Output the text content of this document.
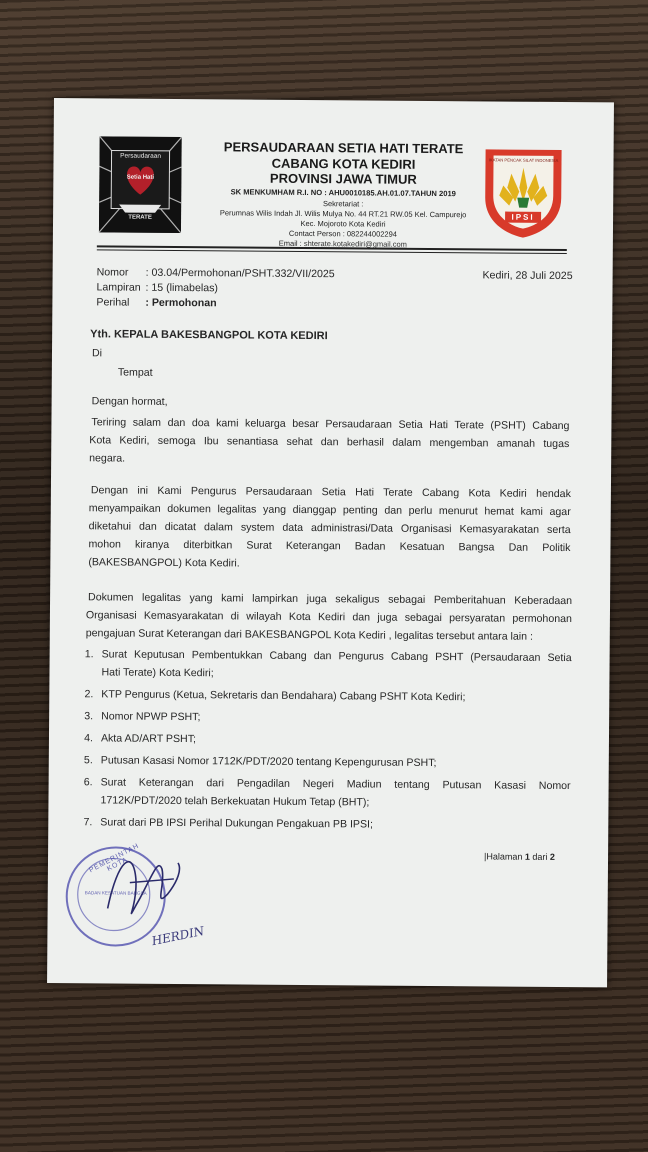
Persaudaraan
Setia Hati
TERATE
PERSAUDARAAN SETIA HATI TERATE
CABANG KOTA KEDIRI
PROVINSI JAWA TIMUR
SK MENKUMHAM R.I. NO : AHU0010185.AH.01.07.TAHUN 2019
Sekretariat :
Perumnas Wilis Indah Jl. Wilis Mulya No. 44 RT.21 RW.05 Kel. Campurejo
Kec. Mojoroto Kota Kediri
Contact Person : 082244002294
Email : shterate.kotakediri@gmail.com
IKATAN PENCAK SILAT INDONESIA
IPSI
Nomor : 03.04/Permohonan/PSHT.332/VII/2025	Kediri, 28 Juli 2025
Lampiran : 15 (limabelas)
Perihal : Permohonan
Yth. KEPALA BAKESBANGPOL KOTA KEDIRI
Di
Tempat
Dengan hormat,
Teriring salam dan doa kami keluarga besar Persaudaraan Setia Hati Terate (PSHT) Cabang
Kota Kediri, semoga Ibu senantiasa sehat dan berhasil dalam mengemban amanah tugas
negara.
Dengan ini Kami Pengurus Persaudaraan Setia Hati Terate Cabang Kota Kediri hendak
menyampaikan dokumen legalitas yang dianggap penting dan perlu menurut hemat kami agar
diketahui dan dicatat dalam system data administrasi/Data Organisasi Kemasyarakatan serta
mohon kiranya diterbitkan Surat Keterangan Badan Kesatuan Bangsa Dan Politik
(BAKESBANGPOL) Kota Kediri.
Dokumen legalitas yang kami lampirkan juga sekaligus sebagai Pemberitahuan Keberadaan
Organisasi Kemasyarakatan di wilayah Kota Kediri dan juga sebagai persyaratan permohonan
pengajuan Surat Keterangan dari BAKESBANGPOL Kota Kediri , legalitas tersebut antara lain :
1. Surat Keputusan Pembentukkan Cabang dan Pengurus Cabang PSHT (Persaudaraan Setia
Hati Terate) Kota Kediri;
2. KTP Pengurus (Ketua, Sekretaris dan Bendahara) Cabang PSHT Kota Kediri;
3. Nomor NPWP PSHT;
4. Akta AD/ART PSHT;
5. Putusan Kasasi Nomor 1712K/PDT/2020 tentang Kepengurusan PSHT;
6. Surat Keterangan dari Pengadilan Negeri Madiun tentang Putusan Kasasi Nomor
1712K/PDT/2020 telah Berkekuatan Hukum Tetap (BHT);
7. Surat dari PB IPSI Perihal Dukungan Pengakuan PB IPSI;
|Halaman 1 dari 2
PEMERINTAH KOTA
BADAN KESATUAN BANGSA
HERDIN
